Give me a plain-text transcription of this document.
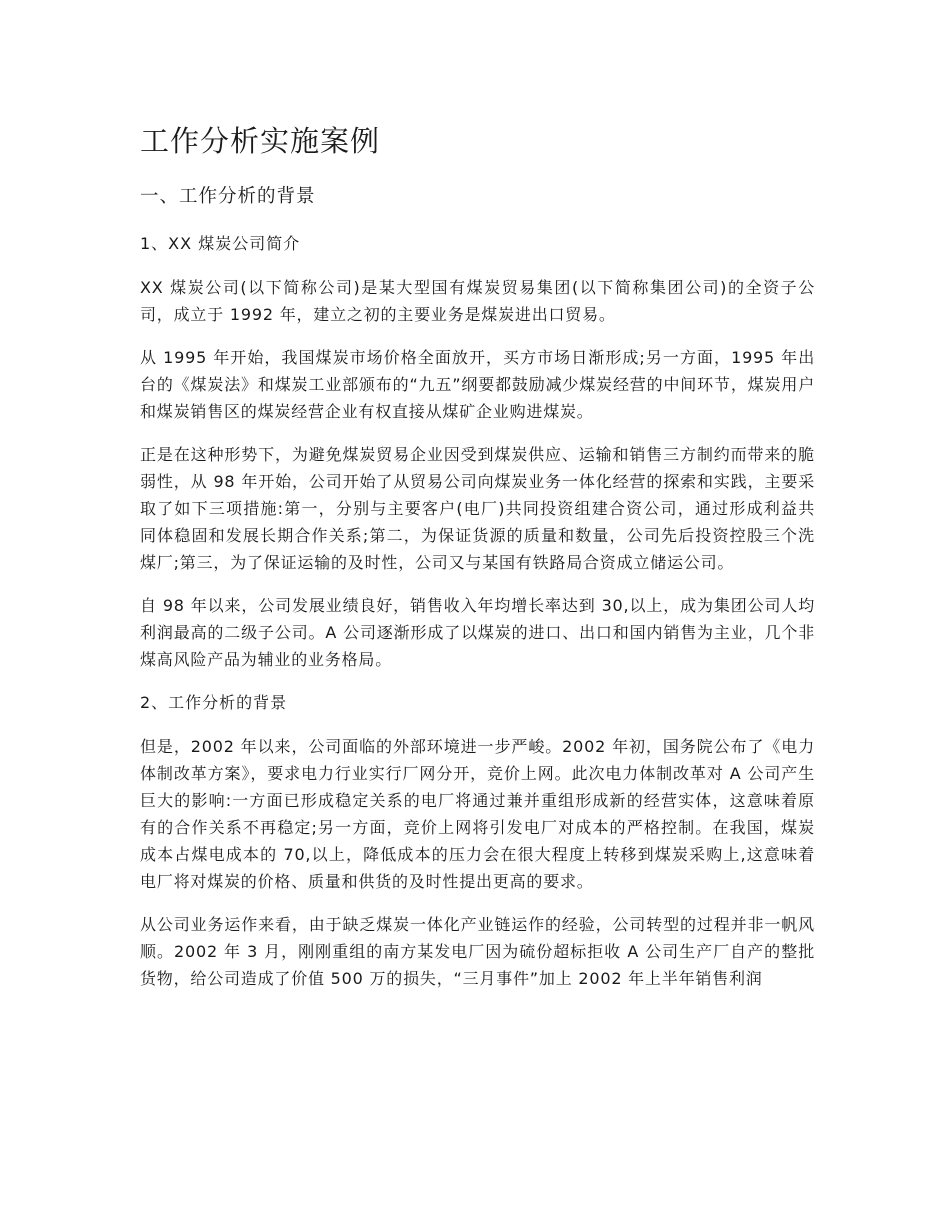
工作分析实施案例
一、工作分析的背景
1、XX 煤炭公司简介

XX 煤炭公司(以下简称公司)是某大型国有煤炭贸易集团(以下简称集团公司)的全资子公司，成立于 1992 年，建立之初的主要业务是煤炭进出口贸易。

从 1995 年开始，我国煤炭市场价格全面放开，买方市场日渐形成;另一方面，1995 年出台的《煤炭法》和煤炭工业部颁布的“九五”纲要都鼓励减少煤炭经营的中间环节，煤炭用户和煤炭销售区的煤炭经营企业有权直接从煤矿企业购进煤炭。

正是在这种形势下，为避免煤炭贸易企业因受到煤炭供应、运输和销售三方制约而带来的脆弱性，从 98 年开始，公司开始了从贸易公司向煤炭业务一体化经营的探索和实践，主要采取了如下三项措施:第一，分别与主要客户(电厂)共同投资组建合资公司，通过形成利益共同体稳固和发展长期合作关系;第二，为保证货源的质量和数量，公司先后投资控股三个洗煤厂;第三，为了保证运输的及时性，公司又与某国有铁路局合资成立储运公司。

自 98 年以来，公司发展业绩良好，销售收入年均增长率达到 30,以上，成为集团公司人均利润最高的二级子公司。A 公司逐渐形成了以煤炭的进口、出口和国内销售为主业，几个非煤高风险产品为辅业的业务格局。

2、工作分析的背景

但是，2002 年以来，公司面临的外部环境进一步严峻。2002 年初，国务院公布了《电力体制改革方案》，要求电力行业实行厂网分开，竞价上网。此次电力体制改革对 A 公司产生巨大的影响:一方面已形成稳定关系的电厂将通过兼并重组形成新的经营实体，这意味着原有的合作关系不再稳定;另一方面，竞价上网将引发电厂对成本的严格控制。在我国，煤炭成本占煤电成本的 70,以上，降低成本的压力会在很大程度上转移到煤炭采购上,这意味着电厂将对煤炭的价格、质量和供货的及时性提出更高的要求。

从公司业务运作来看，由于缺乏煤炭一体化产业链运作的经验，公司转型的过程并非一帆风顺。2002 年 3 月，刚刚重组的南方某发电厂因为硫份超标拒收 A 公司生产厂自产的整批货物，给公司造成了价值 500 万的损失，“三月事件”加上 2002 年上半年销售利润
